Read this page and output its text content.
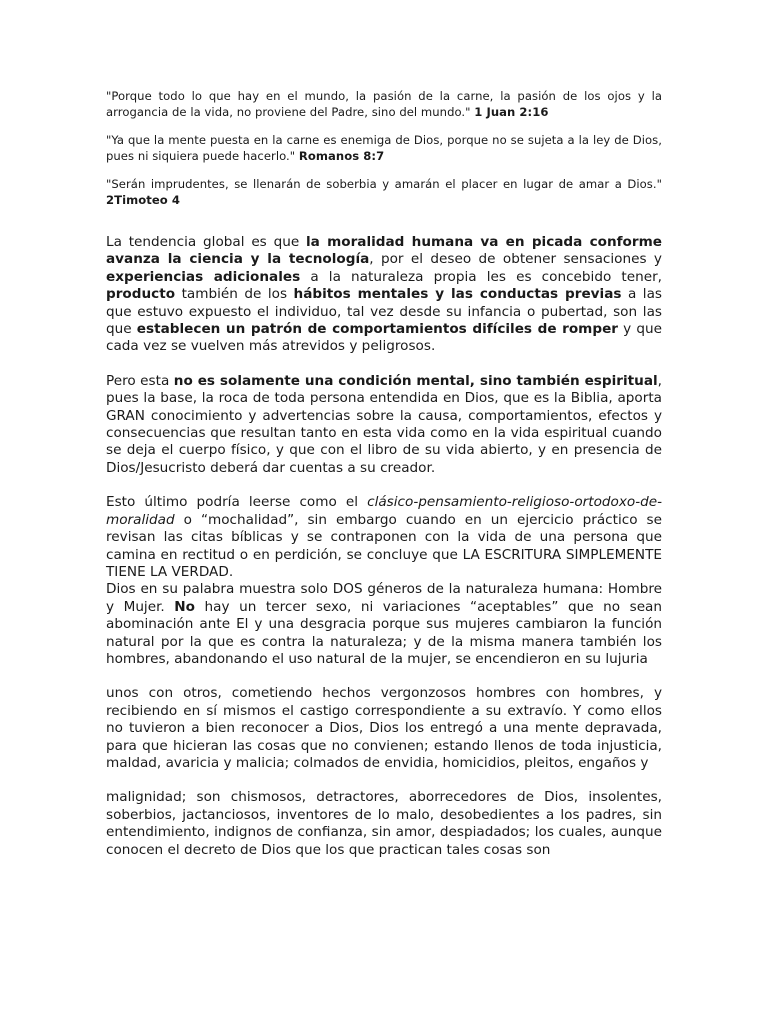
"Porque todo lo que hay en el mundo, la pasión de la carne, la pasión de los ojos y la arrogancia de la vida, no proviene del Padre, sino del mundo." 1 Juan 2:16

"Ya que la mente puesta en la carne es enemiga de Dios, porque no se sujeta a la ley de Dios, pues ni siquiera puede hacerlo." Romanos 8:7

"Serán imprudentes, se llenarán de soberbia y amarán el placer en lugar de amar a Dios." 2Timoteo 4

La tendencia global es que la moralidad humana va en picada conforme avanza la ciencia y la tecnología, por el deseo de obtener sensaciones y experiencias adicionales a la naturaleza propia les es concebido tener, producto también de los hábitos mentales y las conductas previas a las que estuvo expuesto el individuo, tal vez desde su infancia o pubertad, son las que establecen un patrón de comportamientos difíciles de romper y que cada vez se vuelven más atrevidos y peligrosos.

Pero esta no es solamente una condición mental, sino también espiritual, pues la base, la roca de toda persona entendida en Dios, que es la Biblia, aporta GRAN conocimiento y advertencias sobre la causa, comportamientos, efectos y consecuencias que resultan tanto en esta vida como en la vida espiritual cuando se deja el cuerpo físico, y que con el libro de su vida abierto, y en presencia de Dios/Jesucristo deberá dar cuentas a su creador.

Esto último podría leerse como el clásico-pensamiento-religioso-ortodoxo-de-moralidad o “mochalidad”, sin embargo cuando en un ejercicio práctico se revisan las citas bíblicas y se contraponen con la vida de una persona que camina en rectitud o en perdición, se concluye que LA ESCRITURA SIMPLEMENTE TIENE LA VERDAD.

Dios en su palabra muestra solo DOS géneros de la naturaleza humana: Hombre y Mujer. No hay un tercer sexo, ni variaciones “aceptables” que no sean abominación ante El y una desgracia porque sus mujeres cambiaron la función natural por la que es contra la naturaleza; y de la misma manera también los hombres, abandonando el uso natural de la mujer, se encendieron en su lujuria

unos con otros, cometiendo hechos vergonzosos hombres con hombres, y recibiendo en sí mismos el castigo correspondiente a su extravío. Y como ellos no tuvieron a bien reconocer a Dios, Dios los entregó a una mente depravada, para que hicieran las cosas que no convienen; estando llenos de toda injusticia, maldad, avaricia y malicia; colmados de envidia, homicidios, pleitos, engaños y

malignidad; son chismosos, detractores, aborrecedores de Dios, insolentes, soberbios, jactanciosos, inventores de lo malo, desobedientes a los padres, sin entendimiento, indignos de confianza, sin amor, despiadados; los cuales, aunque conocen el decreto de Dios que los que practican tales cosas son
